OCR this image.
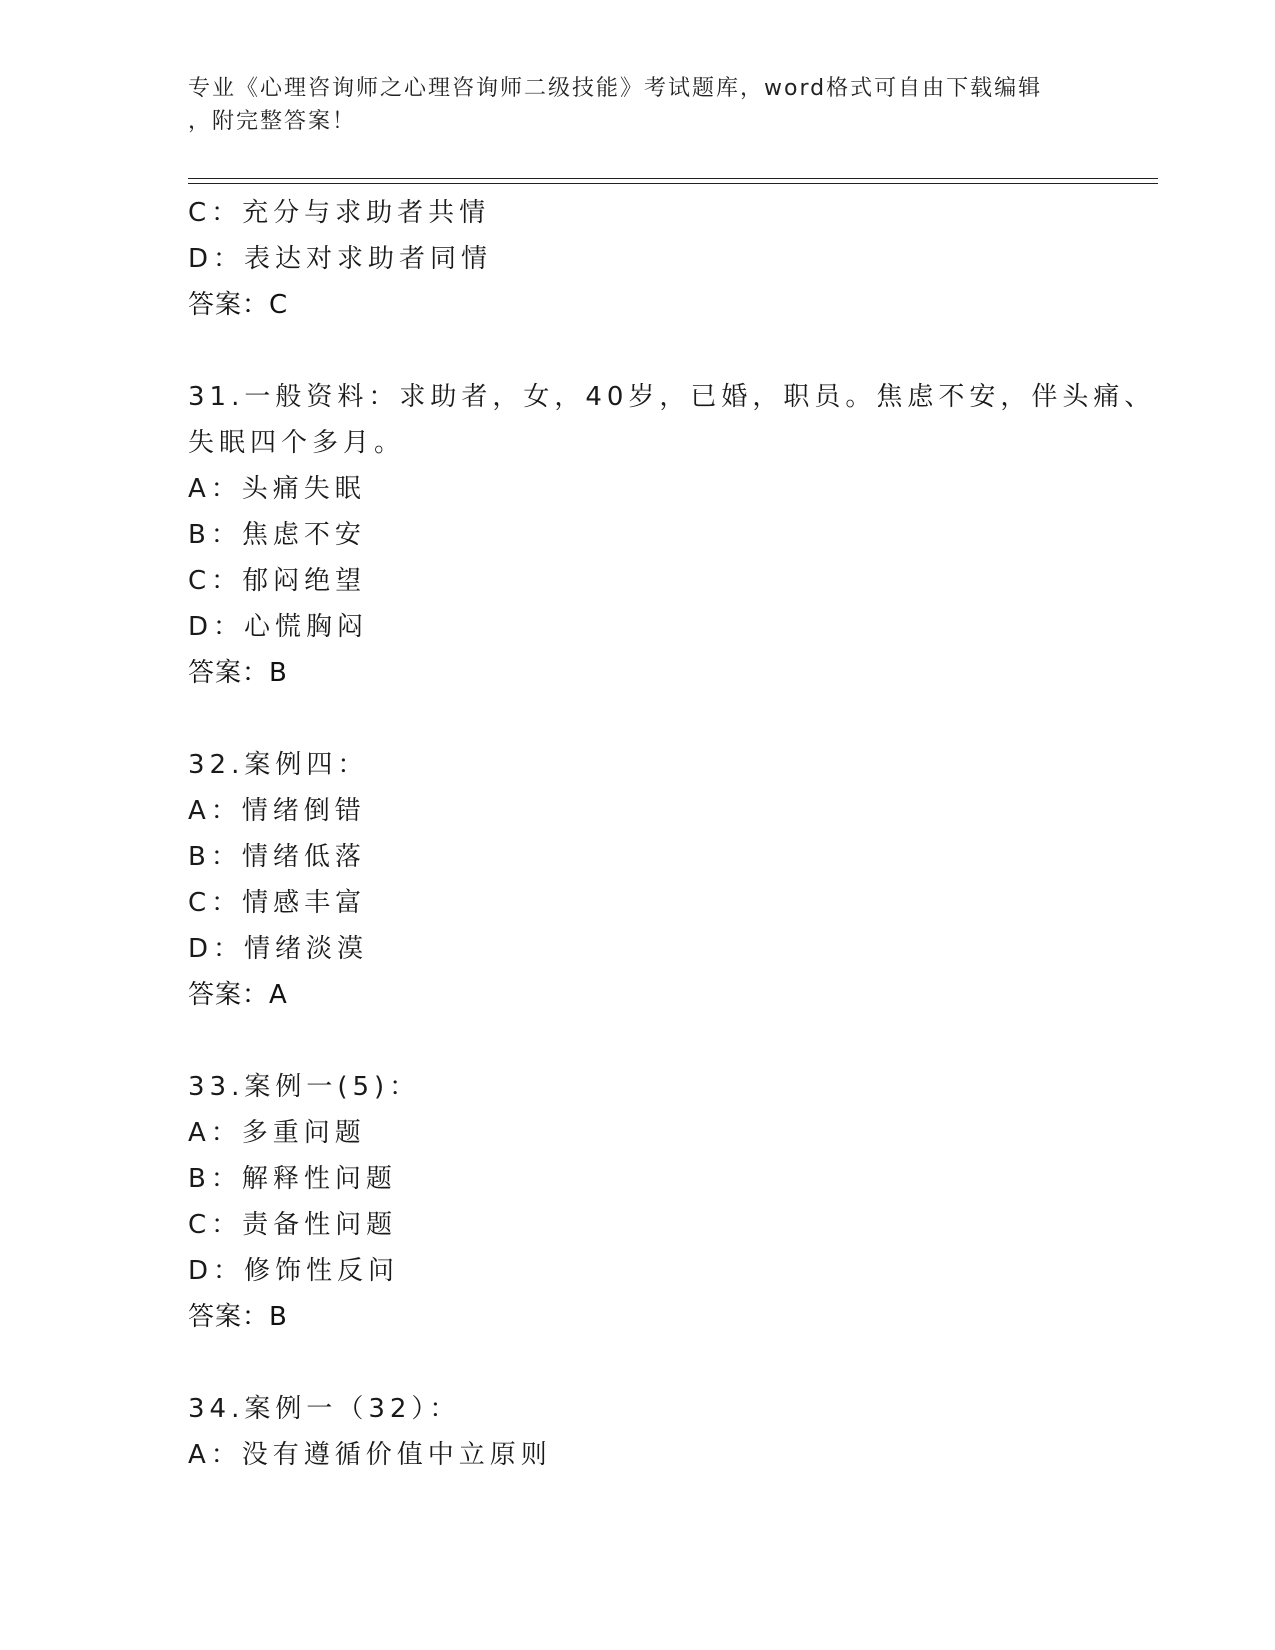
专业《心理咨询师之心理咨询师二级技能》考试题库，word格式可自由下载编辑
，附完整答案！
C：充分与求助者共情
D：表达对求助者同情
答案：C
31.一般资料：求助者，女，40岁，已婚，职员。焦虑不安，伴头痛、
失眠四个多月。
A：头痛失眠
B：焦虑不安
C：郁闷绝望
D：心慌胸闷
答案：B
32.案例四：
A：情绪倒错
B：情绪低落
C：情感丰富
D：情绪淡漠
答案：A
33.案例一(5)：
A：多重问题
B：解释性问题
C：责备性问题
D：修饰性反问
答案：B
34.案例一（32）：
A：没有遵循价值中立原则
